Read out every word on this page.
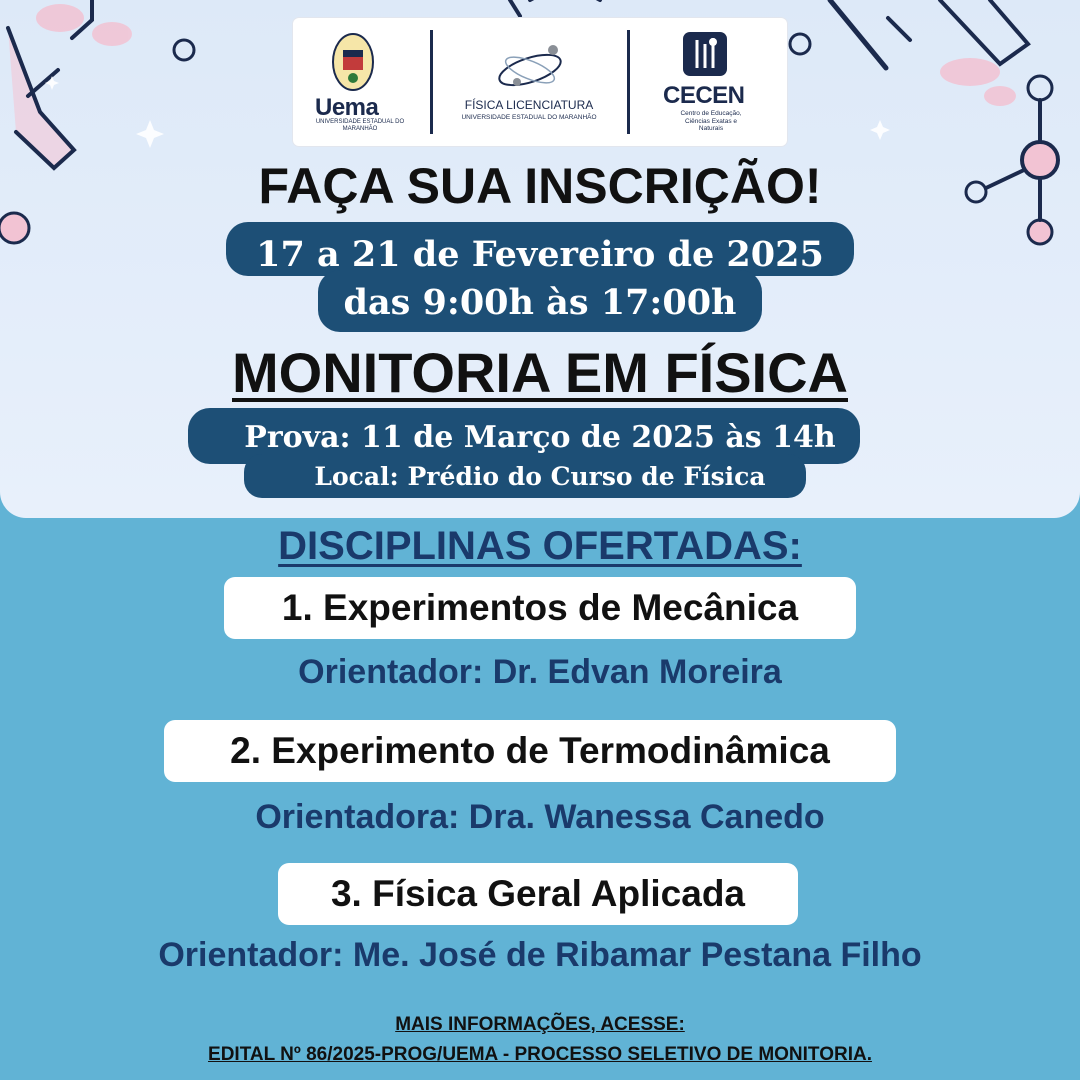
Uema
UNIVERSIDADE ESTADUAL DO MARANHÃO
FÍSICA LICENCIATURA
UNIVERSIDADE ESTADUAL DO MARANHÃO
CECEN
Centro de Educação, Ciências Exatas e Naturais
FAÇA SUA INSCRIÇÃO!
17 a 21 de Fevereiro de 2025
das 9:00h às 17:00h
MONITORIA EM FÍSICA
Prova: 11 de Março de 2025 às 14h
Local: Prédio do Curso de Física
DISCIPLINAS OFERTADAS:
1. Experimentos de Mecânica
Orientador: Dr. Edvan Moreira
2. Experimento de Termodinâmica
Orientadora: Dra. Wanessa Canedo
3. Física Geral Aplicada
Orientador: Me. José de Ribamar Pestana Filho
MAIS INFORMAÇÕES, ACESSE:
EDITAL Nº 86/2025-PROG/UEMA - PROCESSO SELETIVO DE MONITORIA.
